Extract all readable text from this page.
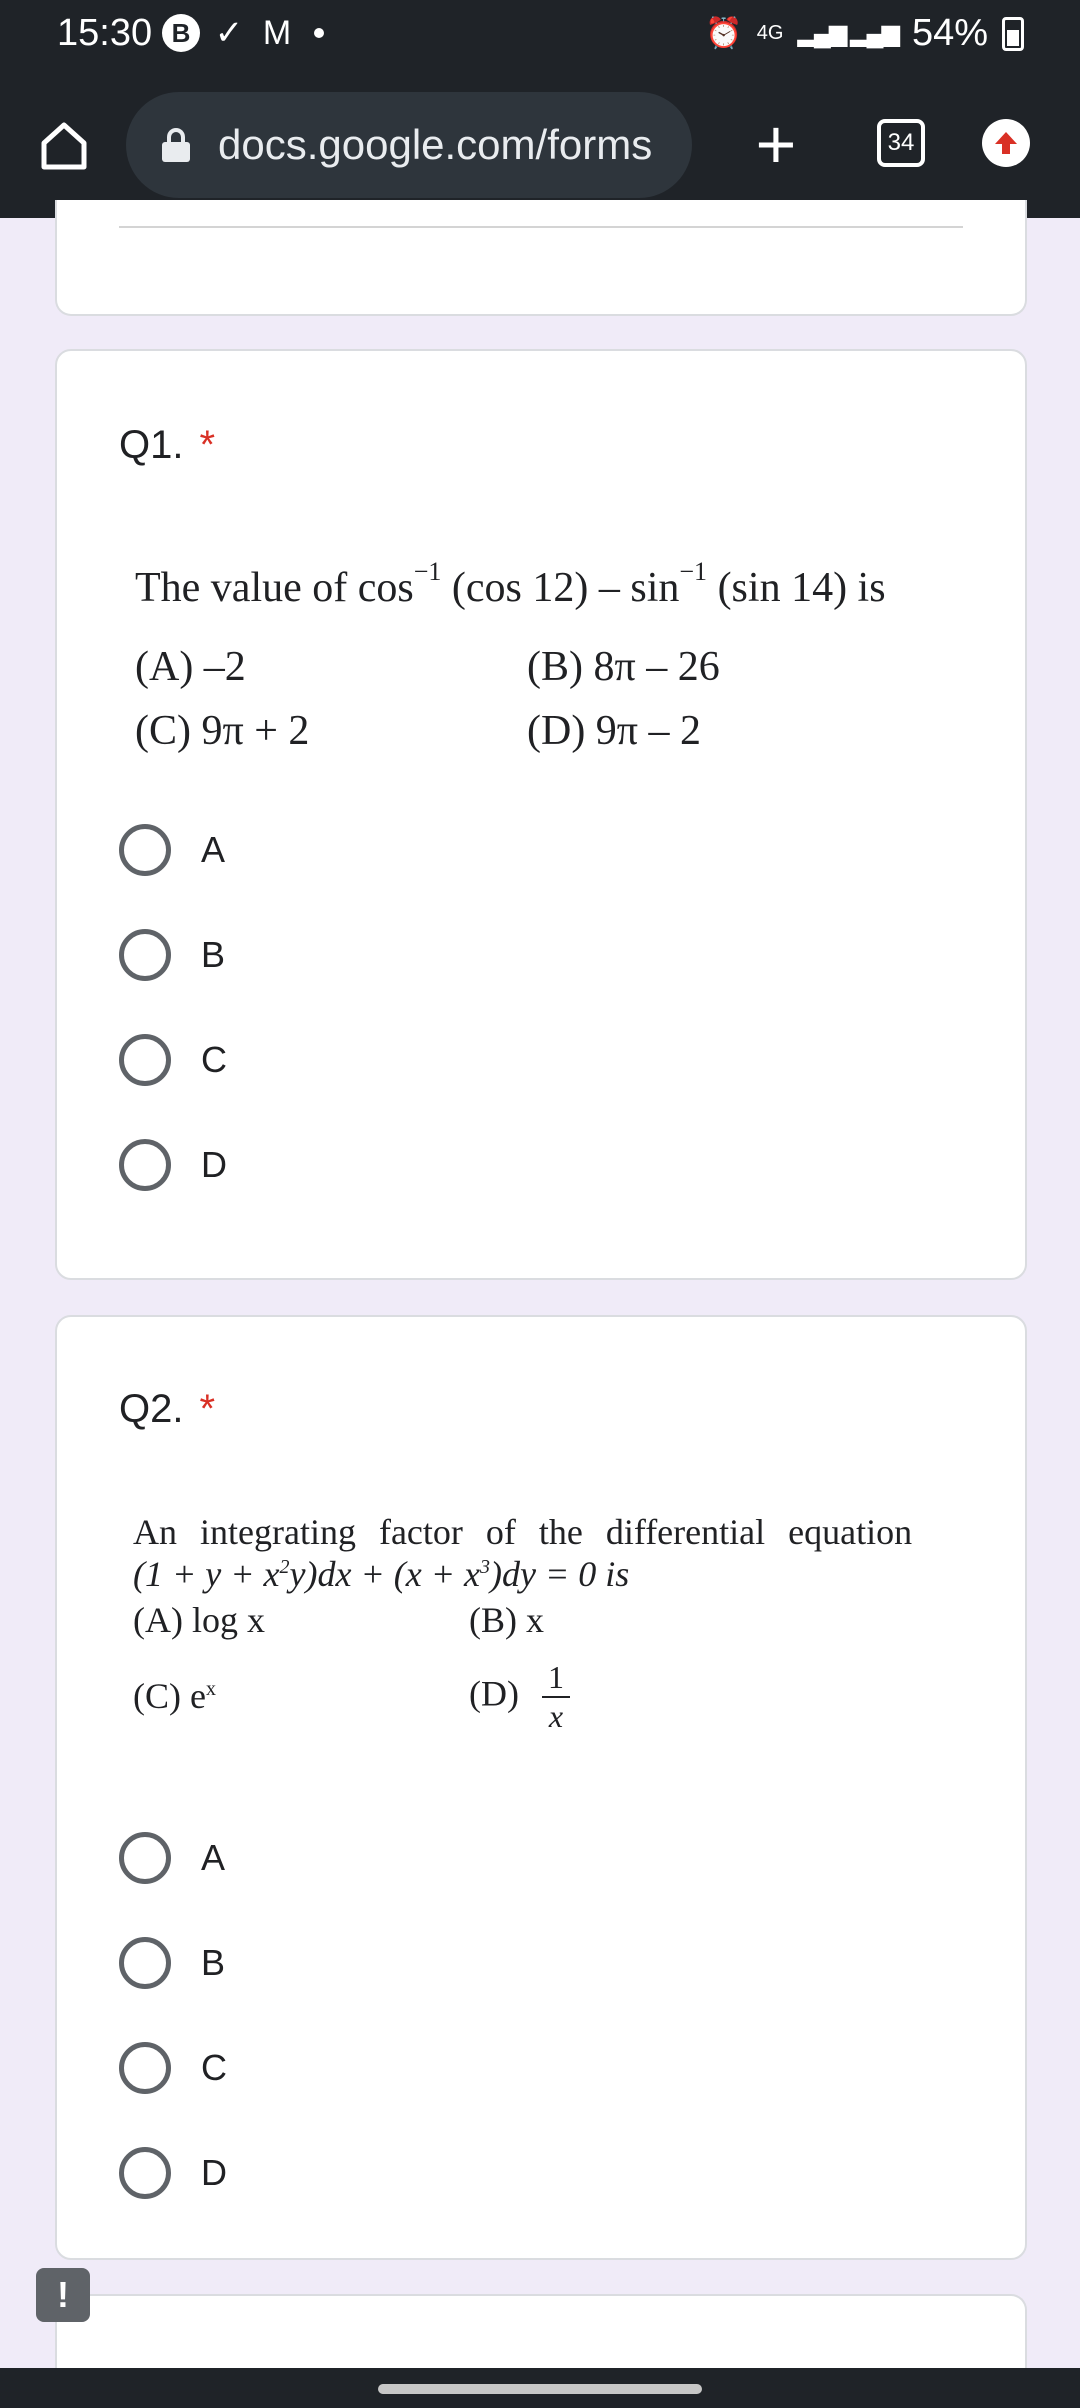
15:30 B ✓ M	⏰ 4G ▂▄▆ ▂▄▆ 54%
docs.google.com/forms +	34
Q1. *
The value of $\cos^{-1} (\cos$ $12) - \sin^{-1} (\sin$ 14) is
(A) –2	(B) 8π – 26
(C) 9π + 2	(D) 9π – 2
A
B
C
D
Q2. *
An integrating factor of the differential equation
$(1 + y + x^2y)dx + (x + x^3)dy = 0$ is
(A) log x	(B) x
(C) $e^x$	$(D) \frac{1}{x}$
A
B
C
D
!
